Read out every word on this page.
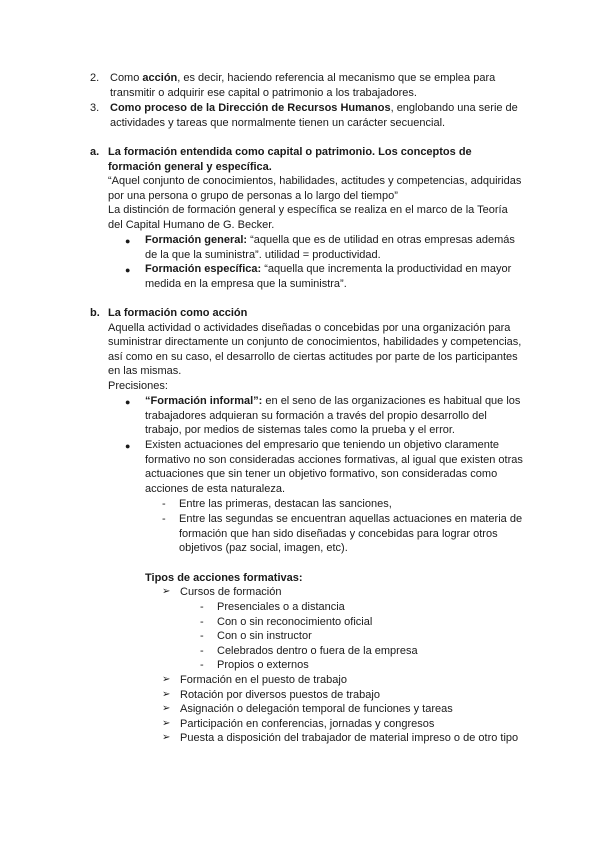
2. Como acción, es decir, haciendo referencia al mecanismo que se emplea para
transmitir o adquirir ese capital o patrimonio a los trabajadores.
3. Como proceso de la Dirección de Recursos Humanos, englobando una serie de
actividades y tareas que normalmente tienen un carácter secuencial.
a. La formación entendida como capital o patrimonio. Los conceptos de
formación general y específica.
“Aquel conjunto de conocimientos, habilidades, actitudes y competencias, adquiridas
por una persona o grupo de personas a lo largo del tiempo”
La distinción de formación general y específica se realiza en el marco de la Teoría
del Capital Humano de G. Becker.
● Formación general: “aquella que es de utilidad en otras empresas además
de la que la suministra”. utilidad = productividad.
● Formación específica: “aquella que incrementa la productividad en mayor
medida en la empresa que la suministra”.
b. La formación como acción
Aquella actividad o actividades diseñadas o concebidas por una organización para
suministrar directamente un conjunto de conocimientos, habilidades y competencias,
así como en su caso, el desarrollo de ciertas actitudes por parte de los participantes
en las mismas.
Precisiones:
● “Formación informal”: en el seno de las organizaciones es habitual que los
trabajadores adquieran su formación a través del propio desarrollo del
trabajo, por medios de sistemas tales como la prueba y el error.
● Existen actuaciones del empresario que teniendo un objetivo claramente
formativo no son consideradas acciones formativas, al igual que existen otras
actuaciones que sin tener un objetivo formativo, son consideradas como
acciones de esta naturaleza.
- Entre las primeras, destacan las sanciones,
- Entre las segundas se encuentran aquellas actuaciones en materia de
formación que han sido diseñadas y concebidas para lograr otros
objetivos (paz social, imagen, etc).
Tipos de acciones formativas:
➢ Cursos de formación
- Presenciales o a distancia
- Con o sin reconocimiento oficial
- Con o sin instructor
- Celebrados dentro o fuera de la empresa
- Propios o externos
➢ Formación en el puesto de trabajo
➢ Rotación por diversos puestos de trabajo
➢ Asignación o delegación temporal de funciones y tareas
➢ Participación en conferencias, jornadas y congresos
➢ Puesta a disposición del trabajador de material impreso o de otro tipo
